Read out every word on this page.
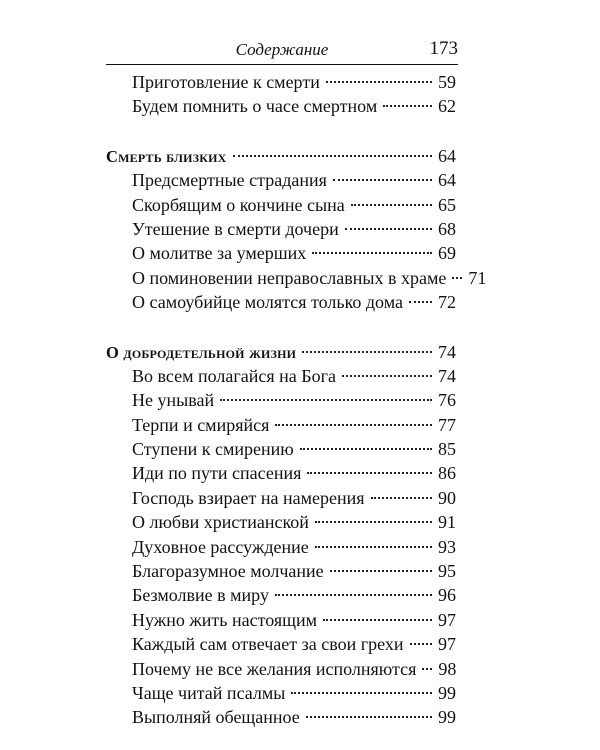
Содержание	173
Приготовление к смерти	59
Будем помнить о часе смертном	62
Смерть близких	64
Предсмертные страдания	64
Скорбящим о кончине сына	65
Утешение в смерти дочери	68
О молитве за умерших	69
О поминовении неправославных в храме 71
О самоубийце молятся только дома 72
О добродетельной жизни	74
Во всем полагайся на Бога	74
Не унывай	76
Терпи и смиряйся	77
Ступени к смирению	85
Иди по пути спасения	86
Господь взирает на намерения	90
О любви христианской	91
Духовное рассуждение	93
Благоразумное молчание	95
Безмолвие в миру	96
Нужно жить настоящим	97
Каждый сам отвечает за свои грехи 97
Почему не все желания исполняются 98
Чаще читай псалмы	99
Выполняй обещанное	99
